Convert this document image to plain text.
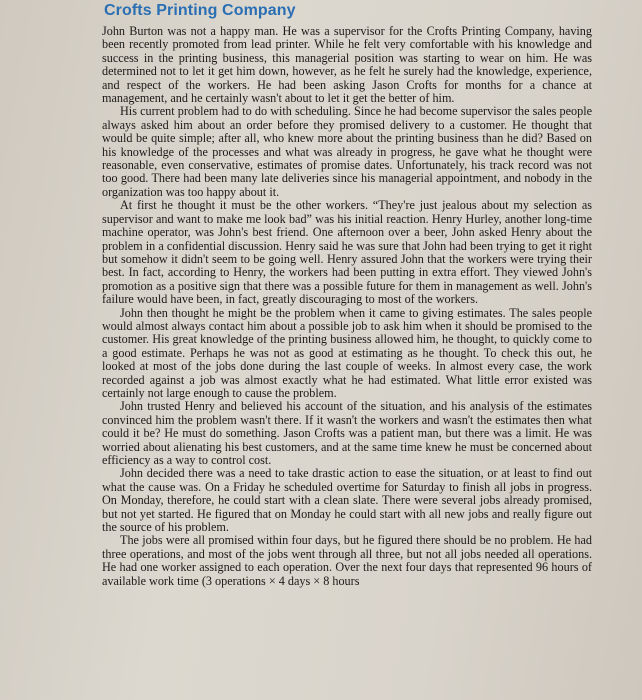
Crofts Printing Company

John Burton was not a happy man. He was a supervisor for the Crofts Printing Company, having been recently promoted from lead printer. While he felt very comfortable with his knowledge and success in the printing business, this managerial position was starting to wear on him. He was determined not to let it get him down, however, as he felt he surely had the knowledge, experience, and respect of the workers. He had been asking Jason Crofts for months for a chance at management, and he certainly wasn't about to let it get the better of him.

His current problem had to do with scheduling. Since he had become supervisor the sales people always asked him about an order before they promised delivery to a customer. He thought that would be quite simple; after all, who knew more about the printing business than he did? Based on his knowledge of the processes and what was already in progress, he gave what he thought were reasonable, even conservative, estimates of promise dates. Unfortunately, his track record was not too good. There had been many late deliveries since his managerial appointment, and nobody in the organization was too happy about it.

At first he thought it must be the other workers. “They're just jealous about my selection as supervisor and want to make me look bad” was his initial reaction. Henry Hurley, another long-time machine operator, was John's best friend. One afternoon over a beer, John asked Henry about the problem in a confidential discussion. Henry said he was sure that John had been trying to get it right but somehow it didn't seem to be going well. Henry assured John that the workers were trying their best. In fact, according to Henry, the workers had been putting in extra effort. They viewed John's promotion as a positive sign that there was a possible future for them in management as well. John's failure would have been, in fact, greatly discouraging to most of the workers.

John then thought he might be the problem when it came to giving estimates. The sales people would almost always contact him about a possible job to ask him when it should be promised to the customer. His great knowledge of the printing business allowed him, he thought, to quickly come to a good estimate. Perhaps he was not as good at estimating as he thought. To check this out, he looked at most of the jobs done during the last couple of weeks. In almost every case, the work recorded against a job was almost exactly what he had estimated. What little error existed was certainly not large enough to cause the problem.

John trusted Henry and believed his account of the situation, and his analysis of the estimates convinced him the problem wasn't there. If it wasn't the workers and wasn't the estimates then what could it be? He must do something. Jason Crofts was a patient man, but there was a limit. He was worried about alienating his best customers, and at the same time knew he must be concerned about efficiency as a way to control cost.

John decided there was a need to take drastic action to ease the situation, or at least to find out what the cause was. On a Friday he scheduled overtime for Saturday to finish all jobs in progress. On Monday, therefore, he could start with a clean slate. There were several jobs already promised, but not yet started. He figured that on Monday he could start with all new jobs and really figure out the source of his problem.

The jobs were all promised within four days, but he figured there should be no problem. He had three operations, and most of the jobs went through all three, but not all jobs needed all operations. He had one worker assigned to each operation. Over the next four days that represented 96 hours of available work time (3 operations × 4 days × 8 hours
